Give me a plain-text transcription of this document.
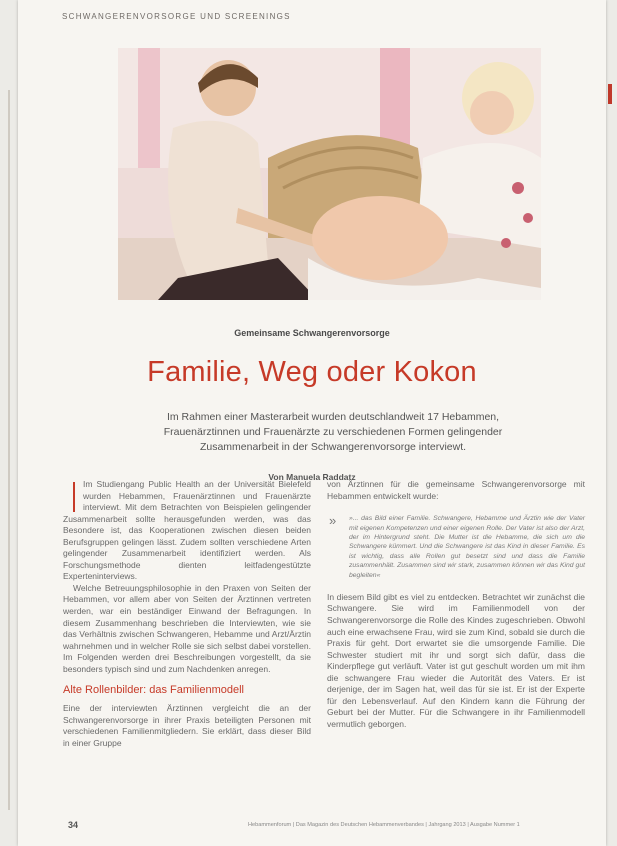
SCHWANGERENVORSORGE UND SCREENINGS
Gemeinsame Schwangerenvorsorge
Familie, Weg oder Kokon
Im Rahmen einer Masterarbeit wurden deutschlandweit 17 Hebammen, Frauenärztinnen und Frauenärzte zu verschiedenen Formen gelingender Zusammenarbeit in der Schwangerenvorsorge interviewt.
Von Manuela Raddatz

Im Studiengang Public Health an der Universität Bielefeld wurden Hebammen, Frauenärztinnen und Frauenärzte interviewt. Mit dem Betrachten von Beispielen gelingender Zusammenarbeit sollte herausgefunden werden, was das Besondere ist, das Kooperationen zwischen diesen beiden Berufsgruppen gelingen lässt. Zudem sollten verschiedene Arten gelingender Zusammenarbeit identifiziert werden. Als Forschungsmethode dienten leitfadengestützte Experteninterviews.

Welche Betreuungsphilosophie in den Praxen von Seiten der Hebammen, vor allem aber von Seiten der Ärztinnen vertreten werden, war ein beständiger Einwand der Befragungen. In diesem Zusammenhang beschrieben die Interviewten, wie sie das Verhältnis zwischen Schwangeren, Hebamme und Arzt/Ärztin wahrnehmen und in welcher Rolle sie sich selbst dabei vorstellen. Im Folgenden werden drei Beschreibungen vorgestellt, da sie besonders typisch sind und zum Nachdenken anregen.

Alte Rollenbilder: das Familienmodell

Eine der interviewten Ärztinnen vergleicht die an der Schwangerenvorsorge in ihrer Praxis beteiligten Personen mit verschiedenen Familienmitgliedern. Sie erklärt, dass dieser Bild in einer Gruppe

von Ärztinnen für die gemeinsame Schwangerenvorsorge mit Hebammen entwickelt wurde:

» »... das Bild einer Familie. Schwangere, Hebamme und Ärztin wie der Vater mit eigenen Kompetenzen und einer eigenen Rolle. Der Vater ist also der Arzt, der im Hintergrund steht. Die Mutter ist die Hebamme, die sich um die Schwangere kümmert. Und die Schwangere ist das Kind in dieser Familie. Es ist wichtig, dass alle Rollen gut besetzt sind und dass die Familie zusammenhält. Zusammen sind wir stark, zusammen können wir das Kind gut begleiten«

In diesem Bild gibt es viel zu entdecken. Betrachtet wir zunächst die Schwangere. Sie wird im Familienmodell von der Schwangerenvorsorge die Rolle des Kindes zugeschrieben. Obwohl auch eine erwachsene Frau, wird sie zum Kind, sobald sie durch die Praxis für geht. Dort erwartet sie die umsorgende Familie. Die Schwester studiert mit ihr und sorgt sich dafür, dass die Kinderpflege gut verläuft. Vater ist gut geschult worden um mit ihm die schwangere Frau wieder die Autorität des Vaters. Er ist derjenige, der im Sagen hat, weil das für sie ist. Er ist der Experte für den Lebensverlauf. Auf den Kindern kann die Führung der Geburt bei der Mutter. Für die Schwangere in ihr Familienmodell vermutlich geborgen.

34	Hebammenforum | Das Magazin des Deutschen Hebammenverbandes | Jahrgang 2013 | Ausgabe Nummer 1
